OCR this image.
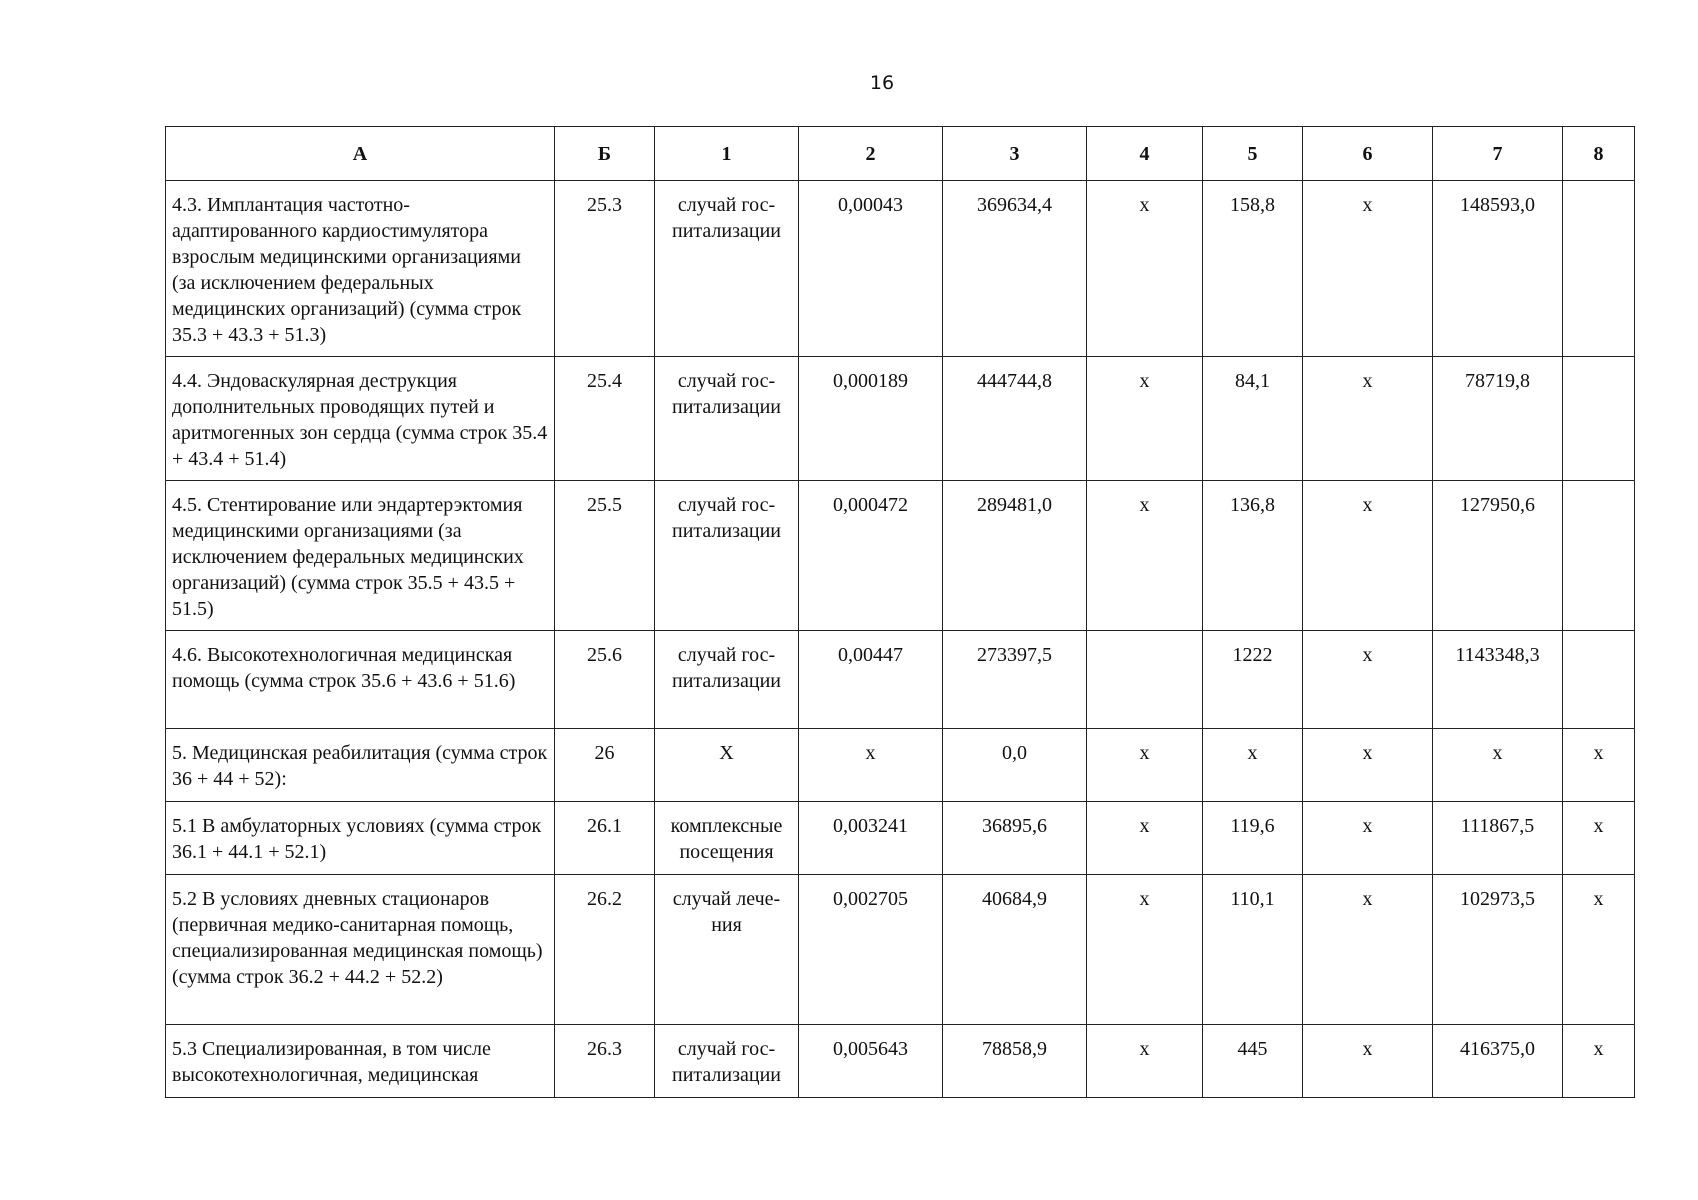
16
А	Б	1	2	3	4	5	6	7	8
4.3. Имплантация частотно-адаптированного кардиостимулятора взрослым медицинскими организациями (за исключением федеральных медицинских организаций) (сумма строк 35.3 + 43.3 + 51.3)	25.3	случай гос-питализации	0,00043	369634,4	х	158,8	х	148593,0	
4.4. Эндоваскулярная деструкция дополнительных проводящих путей и аритмогенных зон сердца (сумма строк 35.4 + 43.4 + 51.4)	25.4	случай гос-питализации	0,000189	444744,8	х	84,1	х	78719,8	
4.5. Стентирование или эндартерэктомия медицинскими организациями (за исключением федеральных медицинских организаций) (сумма строк 35.5 + 43.5 + 51.5)	25.5	случай гос-питализации	0,000472	289481,0	х	136,8	х	127950,6	
4.6. Высокотехнологичная медицинская помощь (сумма строк 35.6 + 43.6 + 51.6)	25.6	случай гос-питализации	0,00447	273397,5		1222	х	1143348,3	
5. Медицинская реабилитация (сумма строк 36 + 44 + 52):	26	Х	х	0,0	х	х	х	х	х
5.1 В амбулаторных условиях (сумма строк 36.1 + 44.1 + 52.1)	26.1	комплексные посещения	0,003241	36895,6	х	119,6	х	111867,5	х
5.2 В условиях дневных стационаров (первичная медико-санитарная помощь, специализированная медицинская помощь) (сумма строк 36.2 + 44.2 + 52.2)	26.2	случай лече-ния	0,002705	40684,9	х	110,1	х	102973,5	х
5.3 Специализированная, в том числе высокотехнологичная, медицинская	26.3	случай гос-питализации	0,005643	78858,9	х	445	х	416375,0	х
